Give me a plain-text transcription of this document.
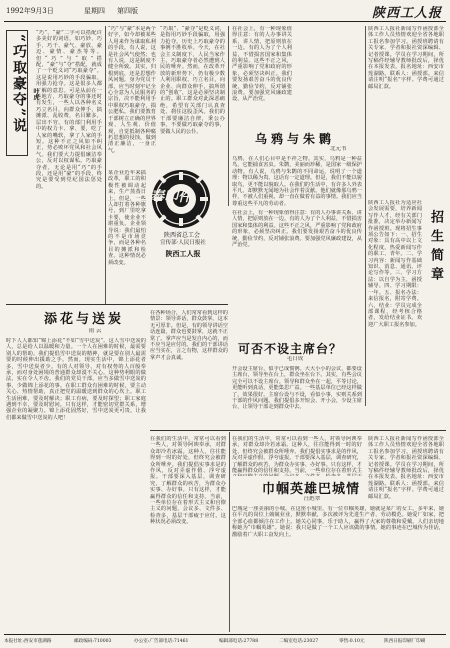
1992年9月3日	星期四 第四版	陕西工人报
“巧取豪夺”说 叶虎
“巧”、“豪”二字可以搭配许多美好的词语，如巧妙、巧手、巧干、豪气、豪放、豪迈、豪情、豪杰等等。但“巧”与“取”搭配，“豪”与“夺”搭配，就成了一个贬义词“巧取豪夺”。这是说用巧妙的手段骗取、用强力抢夺。这是很多人都了解的意思。可是从前在一些地方，巧取豪夺的事还时有发生，一些人以各种名义巧立名目，向群众伸手，搞摊派、乱收费，名目繁多，层出不穷。有的部门利用手中的权力卡、拿、要，吃了人家的嘴软，拿了人家的手短。这种不正之风如不纠正，势必败坏党风和社会风气。我们要大力提倡廉洁奉公，反对以权谋私。巧取豪夺者，无论是用“巧”的手段，还是用“豪”的手段，终究是要受到党纪国法惩处的。
“巧”与“豪”本是两个好字，如今却被某些人用来作为谋取私利的手段。有人说，这是社会风气使然；也有人说，这是制度不健全所致。其实，归根到底，还是思想作风问题。身为党员干部，应当时刻牢记全心全意为人民服务的宗旨，决不能利用手中职权巧取豪夺，损公肥私。我们要教育干部树立正确的世界观、人生观、价值观，自觉抵制各种腐朽思想的侵蚀，做到清正廉洁，一身正气。
“巧取”、“豪夺”是贬义词，是指用巧妙手段骗取，用强力抢夺。历史上巧取豪夺的事例不胜枚举。今天，在社会主义制度下，人民当家作主，巧取豪夺者必然遭到人民的唾弃。然而，在改革开放的新形势下，仍有极少数人利用职权、巧立名目，向企业、向群众伸手，搞所谓的“创收”，这是必须坚决制止的。职工群众对此深恶痛绝，希望有关部门认真查处，刹住这股歪风。我们的干部要廉洁自律，秉公办事，不要做巧取豪夺的事，要做人民的公仆。
某企业近年来搞改革，职工的积极性被调动起来，生产蒸蒸日上。但是，一些人却打着各种旗号，到厂里吃拿卡要，使企业不堪重负。企业领导说：我们最怕的不是市场竞争，而是各种名目的摊派和检查。这种情况必须改变。
奉印件
陕西省总工会
宣传部·人民日报社
陕西工人报
在社会上，有一种现象值得注意：有的人办事讲关系、讲人情，把原则放在一边。有的人为了个人利益，不惜损害国家和集体的利益。这些不正之风，严重影响了党和政府的形象，必须坚决纠正。我们要发扬艰苦奋斗的优良传统，勤俭节约，反对铺张浪费。要加强党风廉政建设，从严治党。
乌鸦与朱鹮
北元书
乌鸦，在人们心目中是不祥之物。其实，乌鸦是一种益鸟，它能捕食害虫。朱鹮，美丽而珍稀，是国家一级保护动物。有人说，乌鸦与朱鹮的不同命运，说明了一个道理：物以稀为贵。这话有一定道理。但是，我们不能以貌取鸟，更不能以貌取人。在我们的生活中，有许多人外表平凡，却默默无闻地为社会作着贡献。他们就像那乌鸦一样，不被人们重视，却一直在做着有益的事情。我们应当尊重这些平凡的劳动者。
陕西工人报社新闻写作函授部全体工作人员热情欢迎全省各地职工报名参加学习。函授班聘请有关专家、学者和报社资深编辑、记者授课。学员在学习期间，所写稿件经辅导教师批改后，择优在本报发表。报名地址：西安市莲湖路。联系人：函授部。来信请注明“报名”字样。学费可通过邮局汇款。
招生简章
陕西工人报社为适应社会发展需要，培养新闻写作人才，经有关部门批准，决定举办新闻写作函授班。现将招生事项公告如下：一、招生对象：具有高中以上文化程度，热爱新闻写作的职工、青年。二、学习内容：新闻写作基础知识、消息、通讯、评论写作等。三、学习方法：以自学为主，函授辅导。四、学习期限：一年。五、报名办法：来信报名，附寄学费。六、结业：学员完成全部课程，经考核合格者，发给结业证书。欢迎广大职工报名参加。
添花与送炭
雨 云
时下人人都知“锦上添花”不如“雪中送炭”。这人雪中送炭的人，总是给人以温暖和力量。一个人在困难的时候，最需要别人的帮助。我们提倡雪中送炭的精神，就是要在别人最需要的时候伸出援助之手。然而，现实生活中，锦上添花者多，雪中送炭者少。有的人对领导、对有权势的人百般奉承，而对身处困境的普通群众却漠不关心。这种势利眼的做法，实在令人不齿。我们的党员干部，应当多做雪中送炭的事，少做锦上添花的事。在职工群众有困难的时候，要主动关心、热情帮助，真正把党的温暖送到群众的心坎上。职工生活困难，要及时解决；职工有病，要及时探望；职工家庭遇到不幸，要及时慰问。只有这样，才能密切党群关系，增强企业的凝聚力。锦上添花固然好，雪中送炭更可贵。让我们都来做雪中送炭的人吧！
在各种场合，人们常常看到这样的情景：领导讲话，群众鼓掌。这本无可厚非。但是，有的领导讲话空话连篇，群众也要鼓掌，这就不正常了。掌声应当是发自内心的，而不应当是应付的。我们的干部讲话应当实在，言之有物，这样群众的掌声才会真诚。
在社会上，有一种现象值得注意：有的人办事讲关系、讲人情，把原则放在一边。有的人为了个人利益，不惜损害国家和集体的利益。这些不正之风，严重影响了党和政府的形象，必须坚决纠正。我们要发扬艰苦奋斗的优良传统，勤俭节约，反对铺张浪费。要加强党风廉政建设，从严治党。
可否不设主席台？
毛日成
开会设主席台，似乎已成惯例。大大小小的会议，都要设主席台，领导坐在台上，群众坐在台下。其实，有些会议完全可以不设主席台。领导和群众坐在一起，平等讨论，更能听到真话，更能集思广益。一些基层单位已经这样做了，效果很好。主席台设与不设，看似小事，实则关系到干部的作风问题。我们提倡多开短会、开小会，少设主席台，让领导干部走到群众中去。
在我们的生活中，常常可以看到一些人，对领导阿谀奉承，对群众却冷若冰霜。这种人，往往能得到一时的好处，但终究会被群众所唾弃。我们提倡实事求是的作风，反对弄虚作假、浮夸虚报。干部要深入基层，调查研究，了解群众的疾苦，为群众办实事、办好事。只有这样，才能赢得群众的信任和支持。当前，一些单位存在着形式主义和官僚主义的问题，会议多、文件多、检查多，基层干部疲于应付。这种状况必须改变。
巾帼英雄巴城情
汪彪翠
在我们的生活中，常常可以看到一些人，对领导阿谀奉承，对群众却冷若冰霜。这种人，往往能得到一时的好处，但终究会被群众所唾弃。我们提倡实事求是的作风，反对弄虚作假、浮夸虚报。干部要深入基层，调查研究，了解群众的疾苦，为群众办实事、办好事。只有这样，才能赢得群众的信任和支持。当前，一些单位存在着形式主
巴城是一座美丽的小城。在这座小城里，有一位巾帼英雄，她就是某厂的女工。多年来，她在平凡的岗位上兢兢业业，默默奉献，多次被评为先进生产者、劳动模范。她爱厂如家，把全部心血都倾注在工作上。她关心同事，乐于助人，赢得了大家的尊敬和爱戴。人们亲切地称她为“巾帼英雄”。她说：我只是做了一个工人应该做的事情。她的事迹在巴城传为佳话，激励着广大职工奋发向上。
陕西工人报社新闻写作函授部全体工作人员热情欢迎全省各地职工报名参加学习。函授班聘请有关专家、学者和报社资深编辑、记者授课。学员在学习期间，所写稿件经辅导教师批改后，择优在本报发表。报名地址：西安市莲湖路。联系人：函授部。来信请注明“报名”字样。学费可通过邮局汇款。
本报社址:西安市莲湖路	邮政编码:710003	办公室:广告部电话:71461	编辑部电话:27788	二编室电话:23027	零售:0.10元	陕西日报印刷厂印刷
